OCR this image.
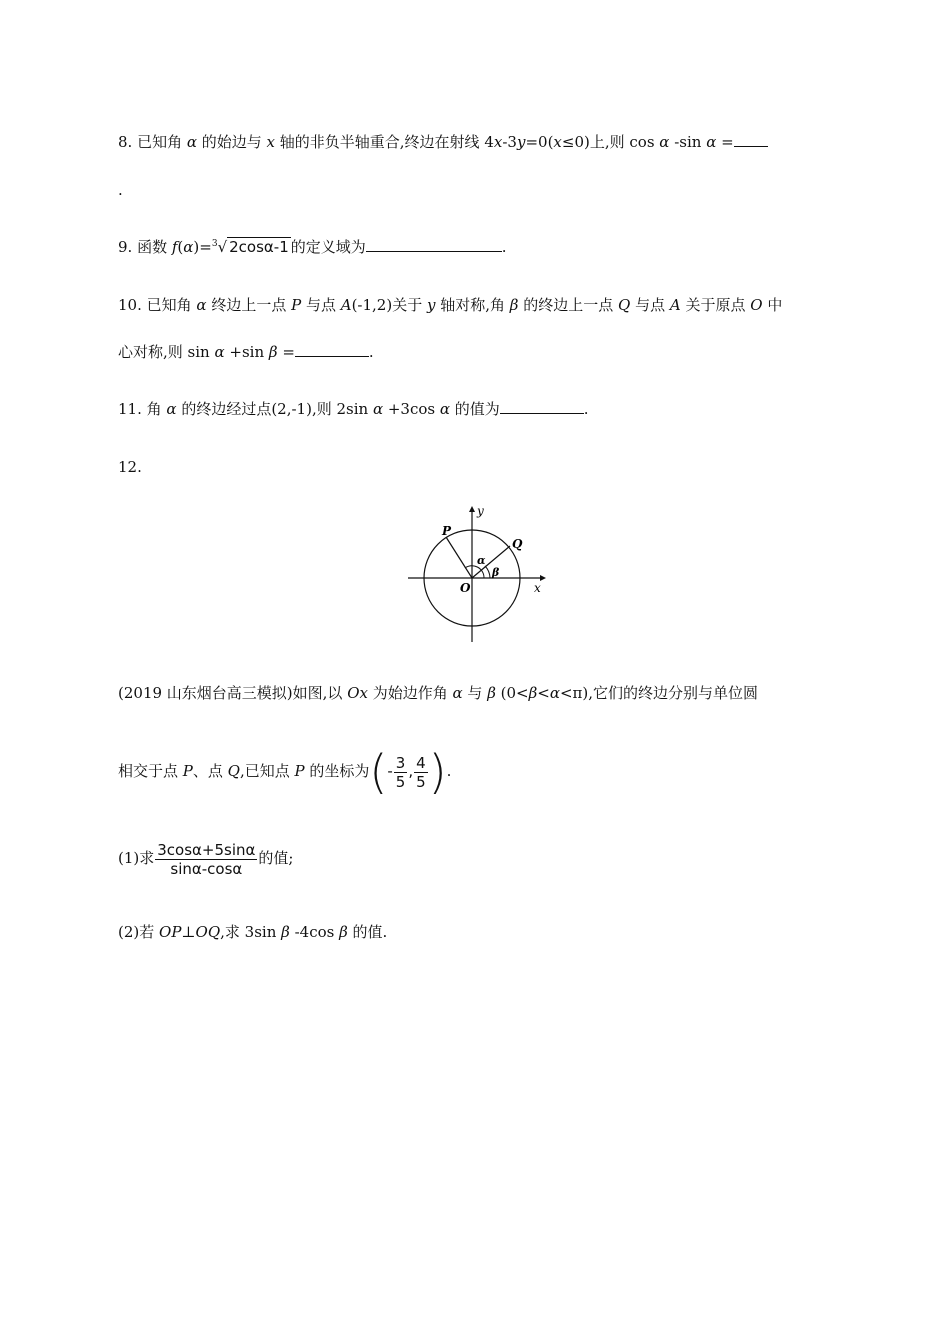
8. 已知角 α 的始边与 x 轴的非负半轴重合,终边在射线 4x-3y=0(x≤0)上,则 cos α -sin α =
.
9. 函数 f(α)=$^3$√ 2cosα-1 的定义域为	.
10. 已知角 α 终边上一点 P 与点 A(-1,2)关于 y 轴对称,角 β 的终边上一点 Q 与点 A 关于原点 O 中
心对称,则 sin α +sin β =	.
11. 角 α 的终边经过点(2,-1),则 2sin α +3cos α 的值为	.
12.
y
x
O
P
Q
α
β
(2019 山东烟台高三模拟)如图,以 Ox 为始边作角 α 与 β (0<β<α<π),它们的终边分别与单位圆
相交于点 P、点 Q,已知点 P 的坐标为(- $\frac{3}{5}$ , $\frac{4}{5}$ ).
(1)求 $\frac{3\cos\alpha+5\sin\alpha}{\sin\alpha-\cos\alpha}$ 的值;
(2)若 OP⊥OQ,求 3sin β -4cos β 的值.
